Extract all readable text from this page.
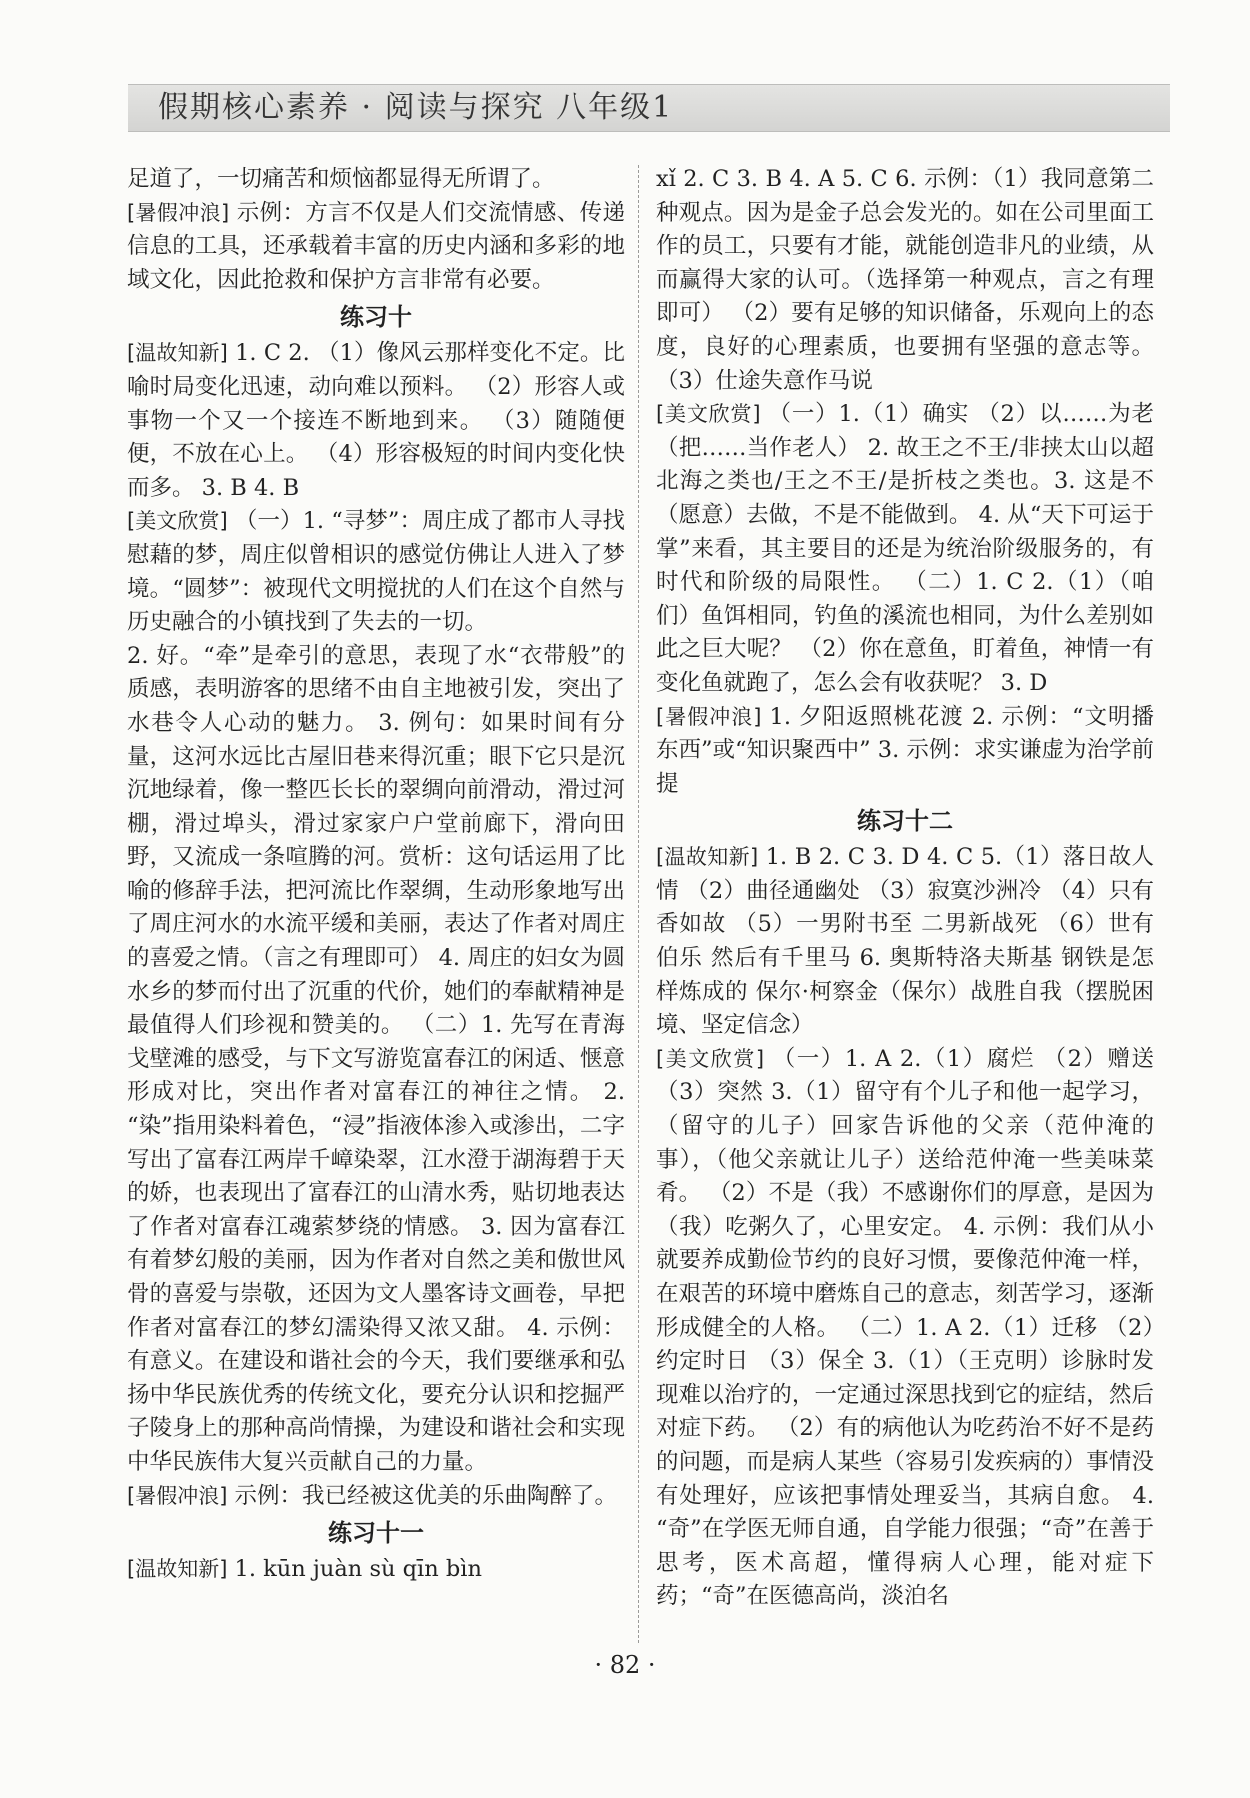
假期核心素养 · 阅读与探究 八年级1

足道了，一切痛苦和烦恼都显得无所谓了。

[暑假冲浪] 示例：方言不仅是人们交流情感、传递信息的工具，还承载着丰富的历史内涵和多彩的地域文化，因此抢救和保护方言非常有必要。

练习十

[温故知新] 1. C 2. （1）像风云那样变化不定。比喻时局变化迅速，动向难以预料。 （2）形容人或事物一个又一个接连不断地到来。 （3）随随便便，不放在心上。 （4）形容极短的时间内变化快而多。 3. B 4. B

[美文欣赏] （一）1. “寻梦”：周庄成了都市人寻找慰藉的梦，周庄似曾相识的感觉仿佛让人进入了梦境。“圆梦”：被现代文明搅扰的人们在这个自然与历史融合的小镇找到了失去的一切。

2. 好。“牵”是牵引的意思，表现了水“衣带般”的质感，表明游客的思绪不由自主地被引发，突出了水巷令人心动的魅力。 3. 例句：如果时间有分量，这河水远比古屋旧巷来得沉重；眼下它只是沉沉地绿着，像一整匹长长的翠绸向前滑动，滑过河棚，滑过埠头，滑过家家户户堂前廊下，滑向田野，又流成一条喧腾的河。赏析：这句话运用了比喻的修辞手法，把河流比作翠绸，生动形象地写出了周庄河水的水流平缓和美丽，表达了作者对周庄的喜爱之情。（言之有理即可） 4. 周庄的妇女为圆水乡的梦而付出了沉重的代价，她们的奉献精神是最值得人们珍视和赞美的。 （二）1. 先写在青海戈壁滩的感受，与下文写游览富春江的闲适、惬意形成对比，突出作者对富春江的神往之情。 2. “染”指用染料着色，“浸”指液体渗入或渗出，二字写出了富春江两岸千嶂染翠，江水澄于湖海碧于天的娇，也表现出了富春江的山清水秀，贴切地表达了作者对富春江魂萦梦绕的情感。 3. 因为富春江有着梦幻般的美丽，因为作者对自然之美和傲世风骨的喜爱与崇敬，还因为文人墨客诗文画卷，早把作者对富春江的梦幻濡染得又浓又甜。 4. 示例：有意义。在建设和谐社会的今天，我们要继承和弘扬中华民族优秀的传统文化，要充分认识和挖掘严子陵身上的那种高尚情操，为建设和谐社会和实现中华民族伟大复兴贡献自己的力量。

[暑假冲浪] 示例：我已经被这优美的乐曲陶醉了。

练习十一

[温故知新] 1. kūn juàn sù qīn bìn

xǐ 2. C 3. B 4. A 5. C 6. 示例：（1）我同意第二种观点。因为是金子总会发光的。如在公司里面工作的员工，只要有才能，就能创造非凡的业绩，从而赢得大家的认可。（选择第一种观点，言之有理即可） （2）要有足够的知识储备，乐观向上的态度，良好的心理素质，也要拥有坚强的意志等。 （3）仕途失意作马说

[美文欣赏] （一）1.（1）确实 （2）以……为老（把……当作老人） 2. 故王之不王/非挟太山以超北海之类也/王之不王/是折枝之类也。3. 这是不（愿意）去做，不是不能做到。 4. 从“天下可运于掌”来看，其主要目的还是为统治阶级服务的，有时代和阶级的局限性。 （二）1. C 2.（1）（咱们）鱼饵相同，钓鱼的溪流也相同，为什么差别如此之巨大呢？ （2）你在意鱼，盯着鱼，神情一有变化鱼就跑了，怎么会有收获呢？ 3. D

[暑假冲浪] 1. 夕阳返照桃花渡 2. 示例：“文明播东西”或“知识聚西中” 3. 示例：求实谦虚为治学前提

练习十二

[温故知新] 1. B 2. C 3. D 4. C 5.（1）落日故人情 （2）曲径通幽处 （3）寂寞沙洲冷 （4）只有香如故 （5）一男附书至 二男新战死 （6）世有伯乐 然后有千里马 6. 奥斯特洛夫斯基 钢铁是怎样炼成的 保尔·柯察金（保尔）战胜自我（摆脱困境、坚定信念）

[美文欣赏] （一）1. A 2.（1）腐烂 （2）赠送 （3）突然 3.（1）留守有个儿子和他一起学习，（留守的儿子）回家告诉他的父亲（范仲淹的事），（他父亲就让儿子）送给范仲淹一些美味菜肴。 （2）不是（我）不感谢你们的厚意，是因为（我）吃粥久了，心里安定。 4. 示例：我们从小就要养成勤俭节约的良好习惯，要像范仲淹一样，在艰苦的环境中磨炼自己的意志，刻苦学习，逐渐形成健全的人格。 （二）1. A 2.（1）迁移 （2）约定时日 （3）保全 3.（1）（王克明）诊脉时发现难以治疗的，一定通过深思找到它的症结，然后对症下药。 （2）有的病他认为吃药治不好不是药的问题，而是病人某些（容易引发疾病的）事情没有处理好，应该把事情处理妥当，其病自愈。 4. “奇”在学医无师自通，自学能力很强；“奇”在善于思考，医术高超，懂得病人心理，能对症下药；“奇”在医德高尚，淡泊名

· 82 ·
